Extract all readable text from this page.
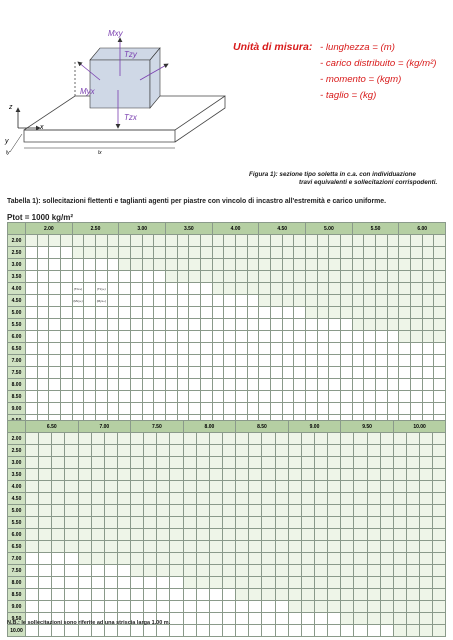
Mxy
Tzy
Myx
Tzx
z
y
x
ly	lx
Unità di misura:	- lunghezza = (m)
- carico distribuito = (kg/m²)
- momento = (kgm)
- taglio = (kg)
Figura 1): sezione tipo soletta in c.a. con individuazione
travi equivalenti e sollecitazioni corrispodenti.
Tabella 1): sollecitazioni flettenti e taglianti agenti per piastre con vincolo di incastro all'estremità e carico uniforme.
Ptot = 1000 kg/m²
	2.00				2.50				3.00				3.50				4.00				4.50				5.00				5.50				6.00			
2.00																																				
2.50																																				
3.00																																				
3.50																																				
4.00					(Tzx+)		(Tzy+)																													
4.50					(Mxy+)		(Myx+)																													
5.00																																				
5.50																																				
6.00																																				
6.50																																				
7.00																																				
7.50																																				
8.00																																				
8.50																																				
9.00																																				

	6.50				7.00				7.50				8.00				8.50				9.00				9.50				10.00			
2.00																																
2.50																																
3.00																																
3.50																																
4.00																																
4.50																																
5.00																																
5.50																																
6.00																																
6.50																																
7.00																																
7.50																																
8.00																																
8.50																																
9.00																																
9.50																																
10.00																																
N.B.: le sollecitazioni sono riferite ad una striscia larga 1.00 m.
